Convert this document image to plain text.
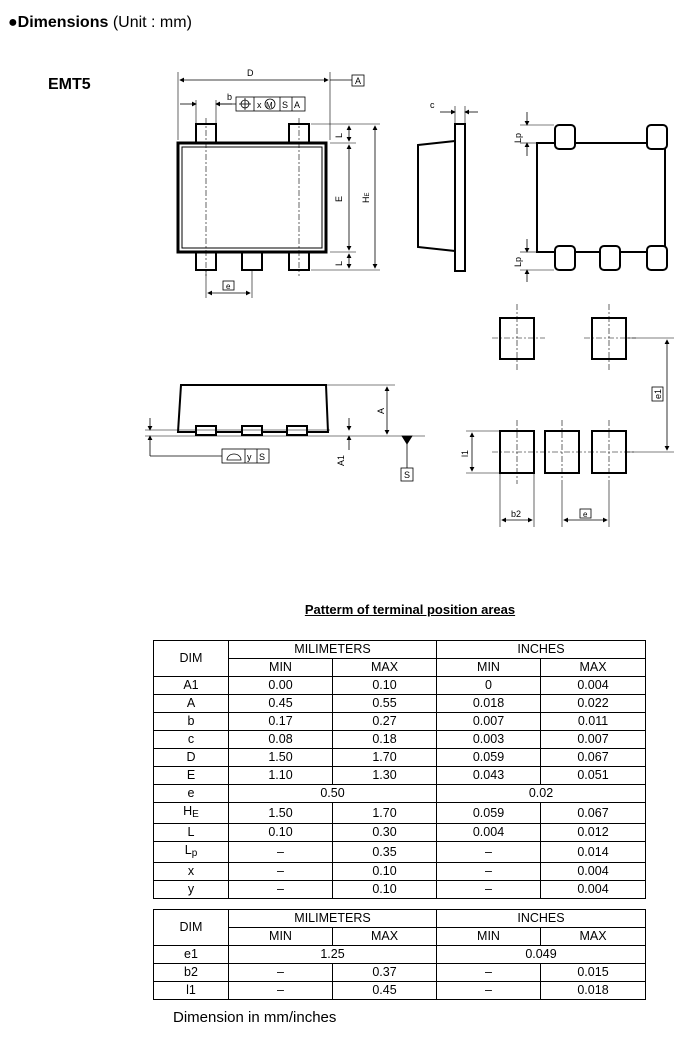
●Dimensions (Unit : mm)
EMT5
D
A
b
x M S A
e
L
E
L
HE
c
Lp
Lp
A
A1
y S
S
e1
l1
b2	e
Patterm of terminal position areas
DIM	MILIMETERS		INCHES	
	MIN	MAX	MIN	MAX
A1	0.00	0.10	0	0.004
A	0.45	0.55	0.018	0.022
b	0.17	0.27	0.007	0.011
c	0.08	0.18	0.003	0.007
D	1.50	1.70	0.059	0.067
E	1.10	1.30	0.043	0.051
e	0.50		0.02	
HE	1.50	1.70	0.059	0.067
L	0.10	0.30	0.004	0.012
Lp	–	0.35	–	0.014
x	–	0.10	–	0.004
y	–	0.10	–	0.004
DIM	MILIMETERS		INCHES	
	MIN	MAX	MIN	MAX
e1	1.25		0.049	
b2	–	0.37	–	0.015
l1	–	0.45	–	0.018
Dimension in mm/inches
